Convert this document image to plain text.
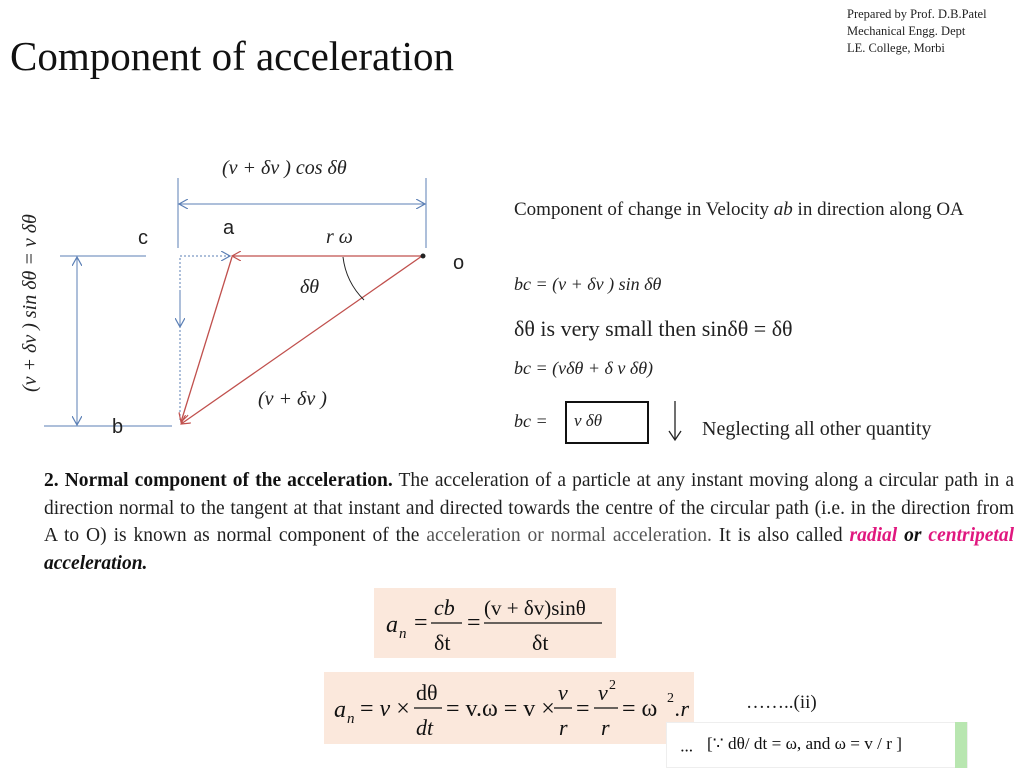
Prepared by Prof. D.B.Patel
Mechanical Engg. Dept
LE. College, Morbi
Component of acceleration
(v + δv ) cos δθ
(v + δv ) sin δθ = v δθ	c	a
o
b
r ω
δθ
(v + δv )
Component of change in Velocity ab in direction along OA
bc = (v + δv ) sin δθ
δθ is very small then sinδθ = δθ
bc = (vδθ + δ v δθ)
bc =	v δθ	Neglecting all other quantity
2. Normal component of the acceleration. The acceleration of a particle at any instant moving along a circular path in a direction normal to the tangent at that instant and directed towards the centre of the circular path (i.e. in the direction from A to O) is known as normal component of the acceleration or normal acceleration. It is also called radial or centripetal acceleration.
a n =
cb
δt
=
(v + δv)sinθ
δt
a n = v ×
dθ
dt
= v.ω = v ×
v
r
=
v 2
r
= ω 2 .r	……..(ii)
... [∵ dθ/ dt = ω, and ω = v / r ]
